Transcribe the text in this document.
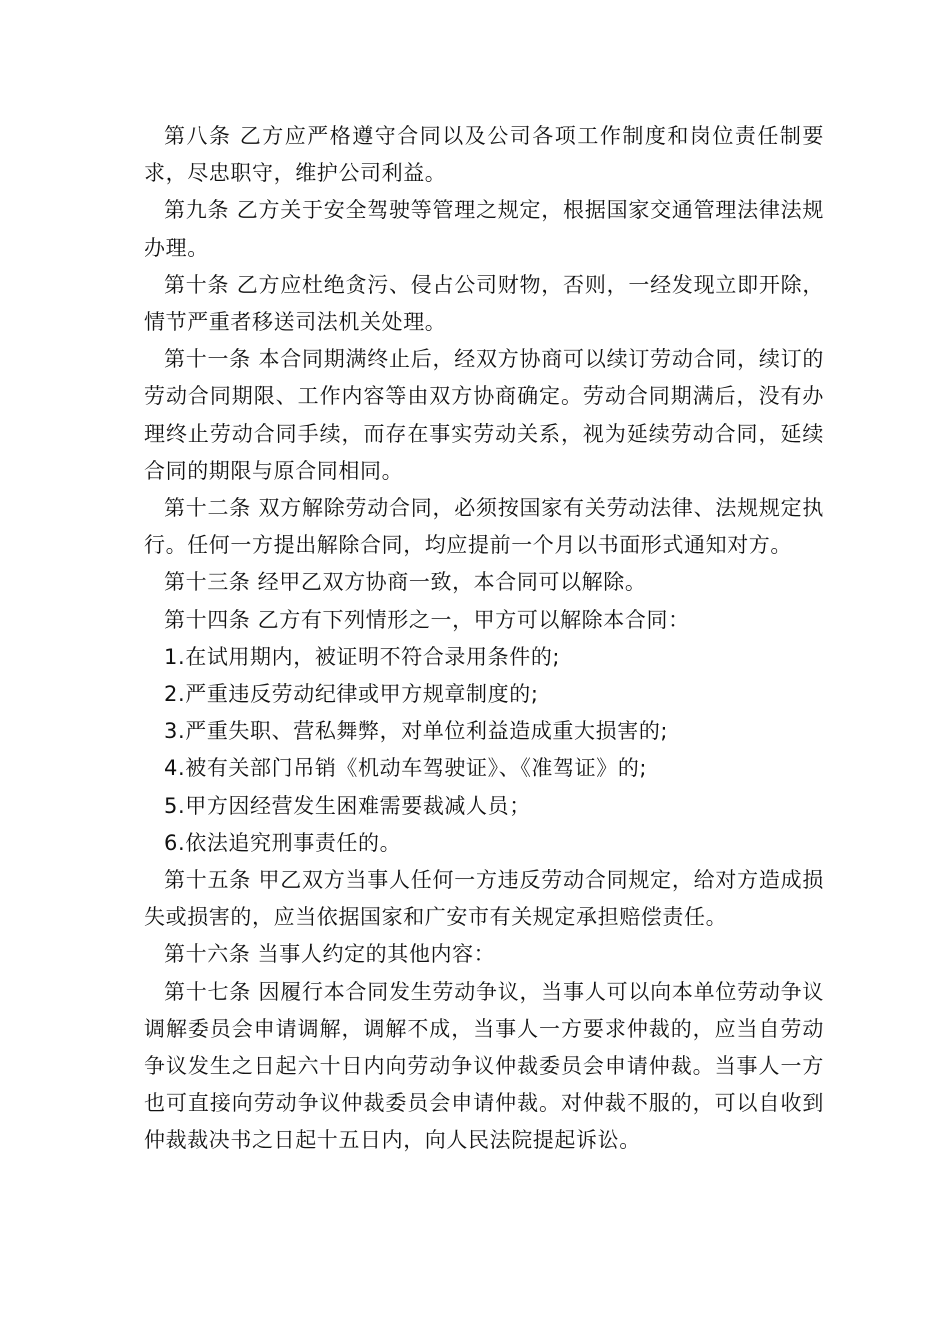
第八条 乙方应严格遵守合同以及公司各项工作制度和岗位责任制要求，尽忠职守，维护公司利益。

第九条 乙方关于安全驾驶等管理之规定，根据国家交通管理法律法规办理。

第十条 乙方应杜绝贪污、侵占公司财物，否则，一经发现立即开除，情节严重者移送司法机关处理。

第十一条 本合同期满终止后，经双方协商可以续订劳动合同，续订的劳动合同期限、工作内容等由双方协商确定。劳动合同期满后，没有办理终止劳动合同手续，而存在事实劳动关系，视为延续劳动合同，延续合同的期限与原合同相同。

第十二条 双方解除劳动合同，必须按国家有关劳动法律、法规规定执行。任何一方提出解除合同，均应提前一个月以书面形式通知对方。

第十三条 经甲乙双方协商一致，本合同可以解除。

第十四条 乙方有下列情形之一，甲方可以解除本合同：

1.在试用期内，被证明不符合录用条件的;

2.严重违反劳动纪律或甲方规章制度的;

3.严重失职、营私舞弊，对单位利益造成重大损害的;

4.被有关部门吊销《机动车驾驶证》、《准驾证》的;

5.甲方因经营发生困难需要裁减人员；

6.依法追究刑事责任的。

第十五条 甲乙双方当事人任何一方违反劳动合同规定，给对方造成损失或损害的，应当依据国家和广安市有关规定承担赔偿责任。

第十六条 当事人约定的其他内容：

第十七条 因履行本合同发生劳动争议，当事人可以向本单位劳动争议调解委员会申请调解，调解不成，当事人一方要求仲裁的，应当自劳动争议发生之日起六十日内向劳动争议仲裁委员会申请仲裁。当事人一方也可直接向劳动争议仲裁委员会申请仲裁。对仲裁不服的，可以自收到仲裁裁决书之日起十五日内，向人民法院提起诉讼。
